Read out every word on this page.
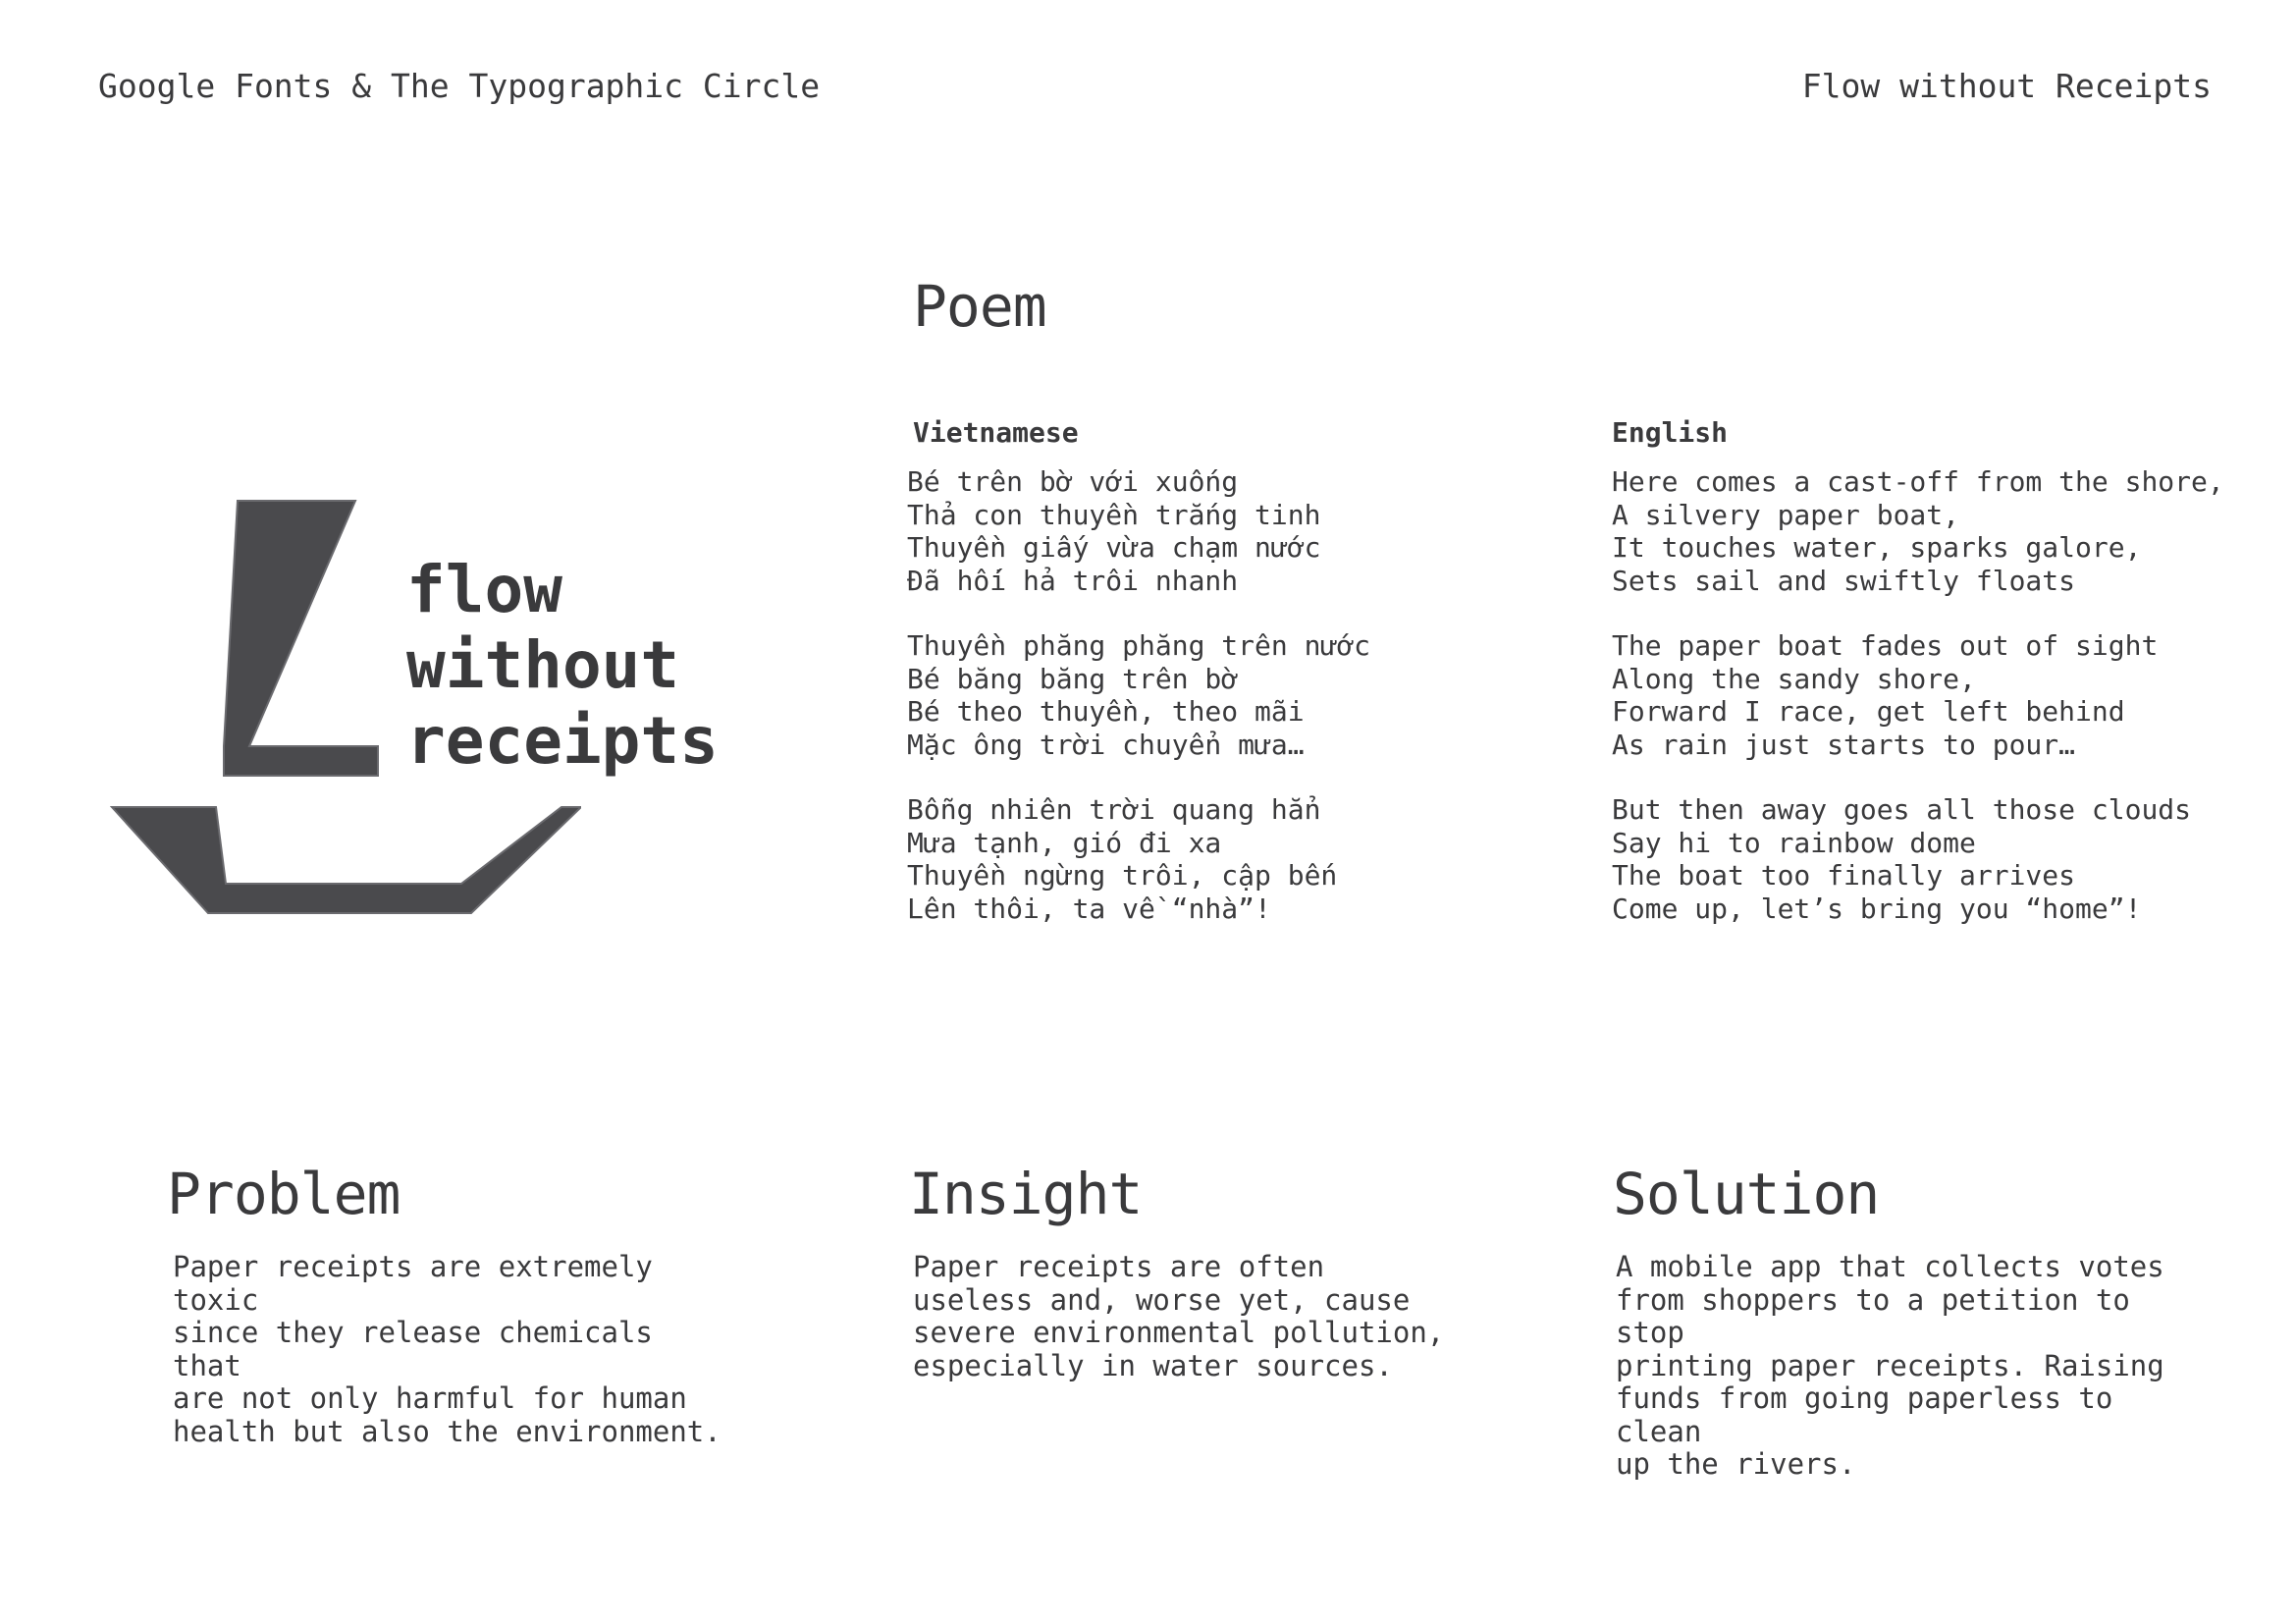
Google Fonts & The Typographic Circle	Flow without Receipts
flow
without
receipts
Poem
Vietnamese	English
Bé trên bờ với xuống
Thả con thuyền trắng tinh
Thuyền giấy vừa chạm nước
Đã hối hả trôi nhanh
Thuyền phăng phăng trên nước
Bé băng băng trên bờ
Bé theo thuyền, theo mãi
Mặc ông trời chuyển mưa…
Bỗng nhiên trời quang hẳn
Mưa tạnh, gió đi xa
Thuyền ngừng trôi, cập bến
Lên thôi, ta về “nhà”!
Here comes a cast-off from the shore,
A silvery paper boat,
It touches water, sparks galore,
Sets sail and swiftly floats
The paper boat fades out of sight
Along the sandy shore,
Forward I race, get left behind
As rain just starts to pour…
But then away goes all those clouds
Say hi to rainbow dome
The boat too finally arrives
Come up, let’s bring you “home”!
Problem
Paper receipts are extremely toxic
since they release chemicals that
are not only harmful for human
health but also the environment.
Insight
Paper receipts are often
useless and, worse yet, cause
severe environmental pollution,
especially in water sources.
Solution
A mobile app that collects votes
from shoppers to a petition to stop
printing paper receipts. Raising
funds from going paperless to clean
up the rivers.
